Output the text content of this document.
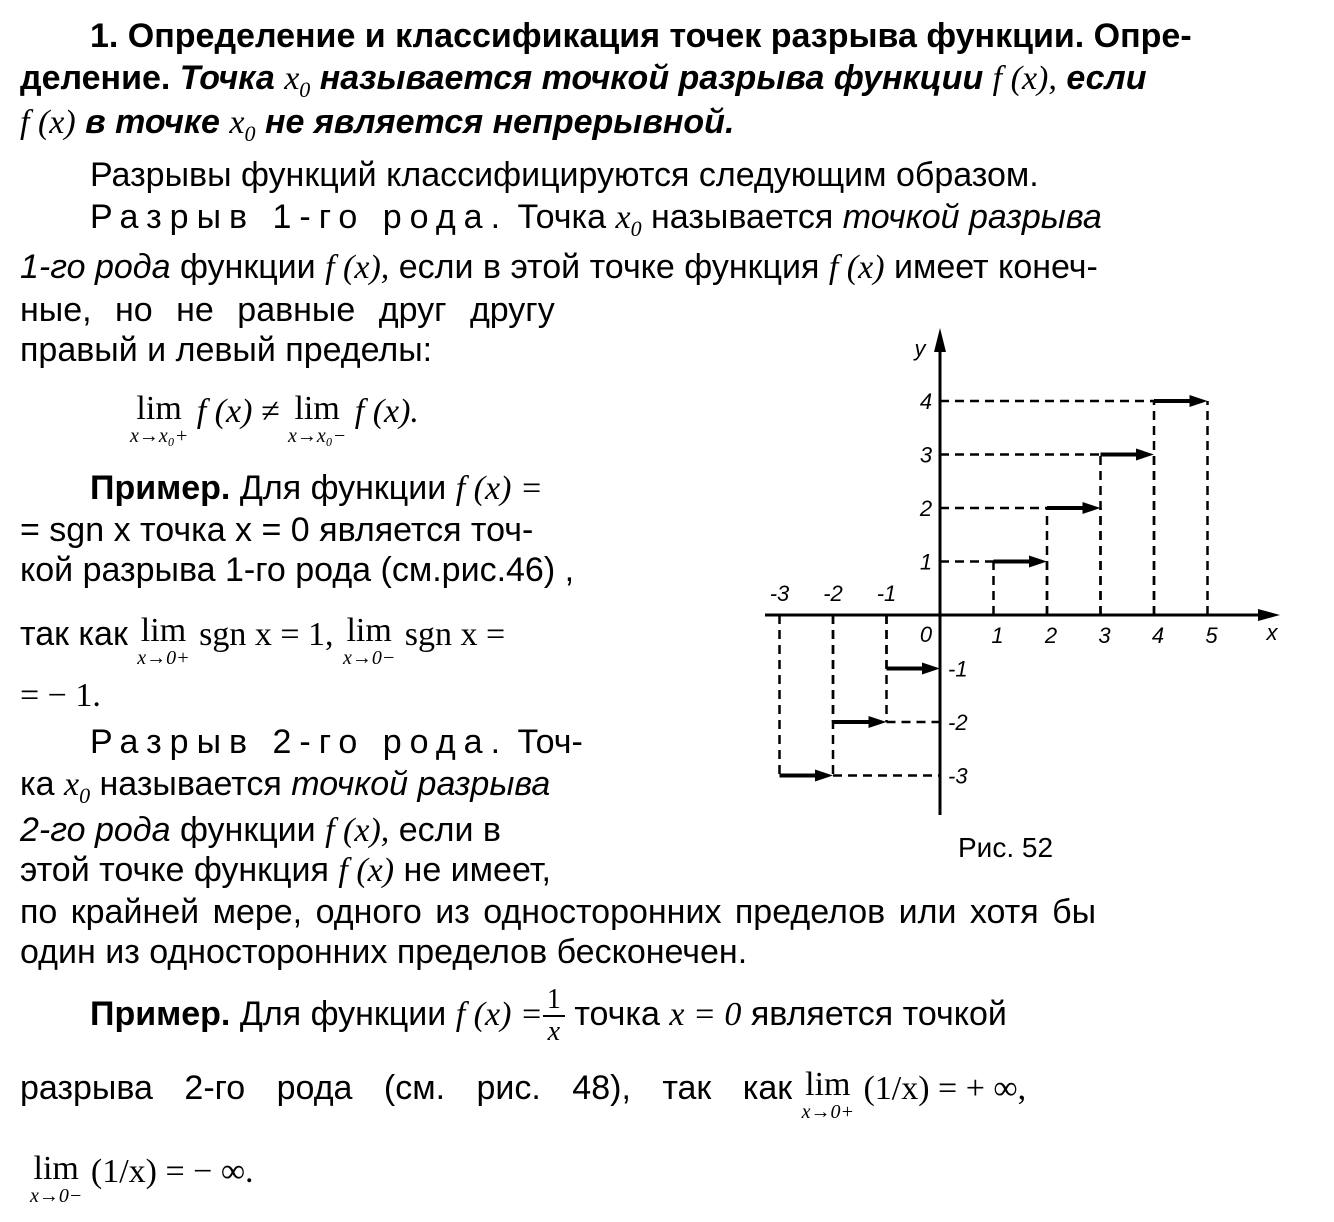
1. Определение и классификация точек разрыва функции. Опре-
деление. Точка $x_0$ называется точкой разрыва функции f (x), если
f (x) в точке $x_0$ не является непрерывной.
Разрывы функций классифицируются следующим образом.
Разрыв 1-го рода. Точка $x_0$ называется точкой разрыва
1-го рода функции f (x), если в этой точке функция f (x) имеет конеч-
ные, но не равные друг другу
правый и левый пределы:
lim
x→x₀+
f (x) ≠ lim
x→x₀−
f (x).
Пример. Для функции f (x) =
= sgn x точка x = 0 является точ-
кой разрыва 1-го рода (см.рис.46) ,
так как lim
x→0+
sgn x = 1, lim
x→0−
sgn x =
= − 1.
Разрыв 2-го рода. Точ-
ка $x_0$ называется точкой разрыва
2-го рода функции f (x), если в
этой точке функция f (x) не имеет,
по крайней мере, одного из односторонних пределов или хотя бы
один из односторонних пределов бесконечен.
Пример. Для функции f $(x) = \frac{1}{x}$ точка x = 0 является точкой
разрыва 2-го рода (см. рис. 48), так как lim
x→0+
(1/x) = + ∞,
lim
x→0−
(1/x) = − ∞.
x
y
0
-3 -2 -1
1 2 3 4 5
1
2
3
4
-1
-2
-3
Рис. 52
